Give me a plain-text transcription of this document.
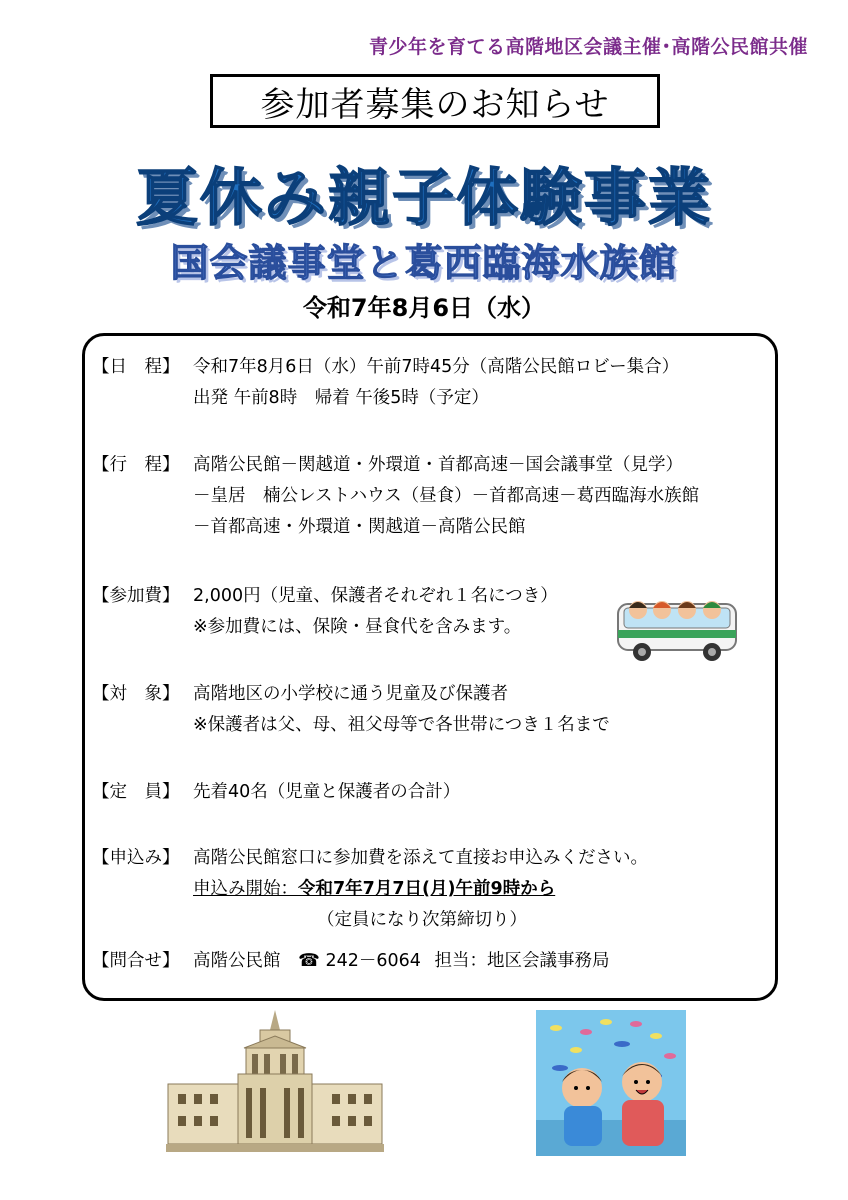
青少年を育てる高階地区会議主催･高階公民館共催
参加者募集のお知らせ
夏休み親子体験事業
国会議事堂と葛西臨海水族館
令和7年8月6日（水）
【日　程】 令和7年8月6日（水）午前7時45分（高階公民館ロビー集合）
出発 午前8時　帰着 午後5時（予定）
【行　程】 高階公民館－関越道・外環道・首都高速－国会議事堂（見学）
－皇居　楠公レストハウス（昼食）－首都高速－葛西臨海水族館
－首都高速・外環道・関越道－高階公民館
【参加費】 2,000円（児童、保護者それぞれ１名につき）
※参加費には、保険・昼食代を含みます。
【対　象】 高階地区の小学校に通う児童及び保護者
※保護者は父、母、祖父母等で各世帯につき１名まで
【定　員】 先着40名（児童と保護者の合計）
【申込み】 高階公民館窓口に参加費を添えて直接お申込みください。
申込み開始：令和7年7月7日(月)午前9時から
（定員になり次第締切り）
【問合せ】 高階公民館 ☎ 242－6064 担当：地区会議事務局
